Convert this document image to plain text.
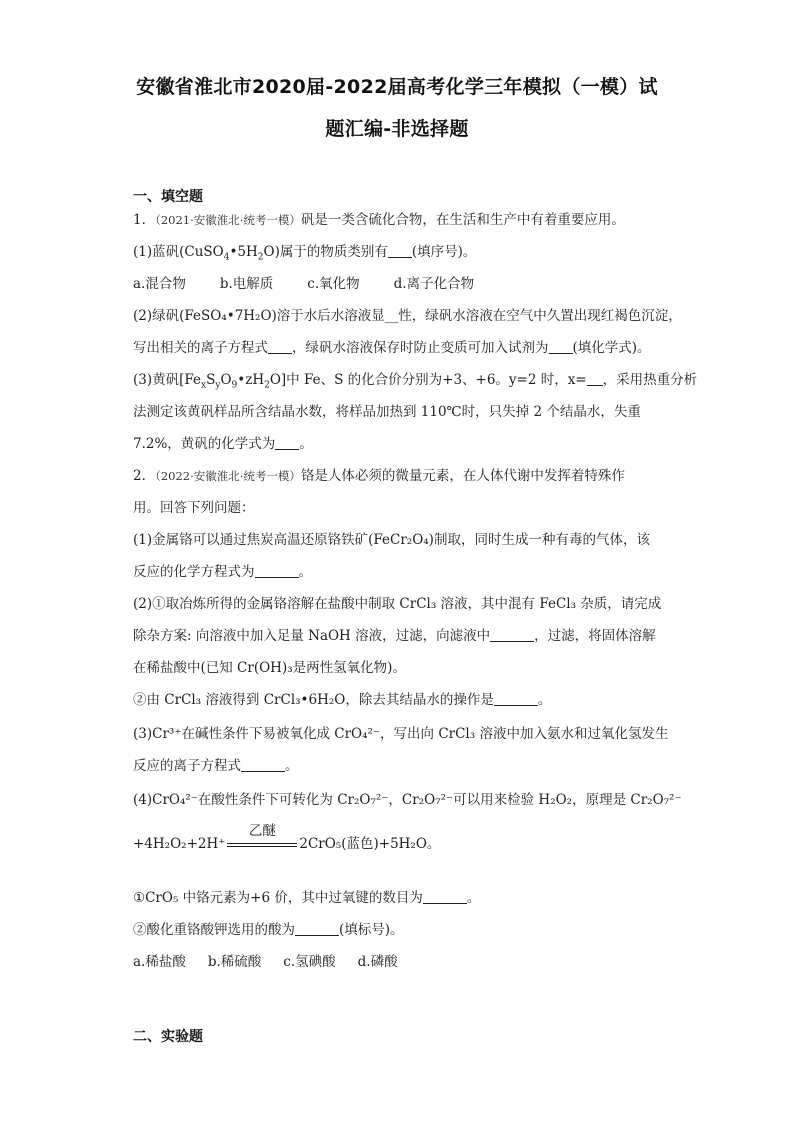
安徽省淮北市2020届-2022届高考化学三年模拟（一模）试
题汇编-非选择题
一、填空题
1．（2021·安徽淮北·统考一模）矾是一类含硫化合物，在生活和生产中有着重要应用。
(1)蓝矾$(CuSO_4•5H_2O)$属于的物质类别有 (填序号)。
a.混合物	b.电解质	c.氧化物	d.离子化合物
(2)绿矾(FeSO₄•7H₂O)溶于水后水溶液显__性，绿矾水溶液在空气中久置出现红褐色沉淀，
写出相关的离子方程式 ，绿矾水溶液保存时防止变质可加入试剂为 (填化学式)。
(3)黄矾$[Fe_xS_yO_9•zH_2O]$中 Fe、S 的化合价分别为+3、+6。y=2 时，x= ，采用热重分析
法测定该黄矾样品所含结晶水数，将样品加热到 110℃时，只失掉 2 个结晶水，失重
7.2%，黄矾的化学式为 。
2．（2022·安徽淮北·统考一模）铬是人体必须的微量元素，在人体代谢中发挥着特殊作
用。回答下列问题：
(1)金属铬可以通过焦炭高温还原铬铁矿(FeCr₂O₄)制取，同时生成一种有毒的气体，该
反应的化学方程式为	。
(2)①取冶炼所得的金属铬溶解在盐酸中制取 CrCl₃ 溶液，其中混有 FeCl₃ 杂质，请完成
除杂方案: 向溶液中加入足量 NaOH 溶液，过滤，向滤液中	，过滤，将固体溶解
在稀盐酸中(已知 Cr(OH)₃是两性氢氧化物)。
②由 CrCl₃ 溶液得到 CrCl₃•6H₂O，除去其结晶水的操作是	。
(3)Cr³⁺在碱性条件下易被氧化成 CrO₄²⁻，写出向 CrCl₃ 溶液中加入氨水和过氧化氢发生
反应的离子方程式	。
(4)CrO₄²⁻在酸性条件下可转化为 Cr₂O₇²⁻，Cr₂O₇²⁻可以用来检验 H₂O₂，原理是 Cr₂O₇²⁻
+4H₂O₂+2H⁺
乙醚
2CrO₅(蓝色)+5H₂O。
①CrO₅ 中铬元素为+6 价，其中过氧键的数目为	。
②酸化重铬酸钾选用的酸为	(填标号)。
a.稀盐酸 b.稀硫酸 c.氢碘酸 d.磷酸
二、实验题
